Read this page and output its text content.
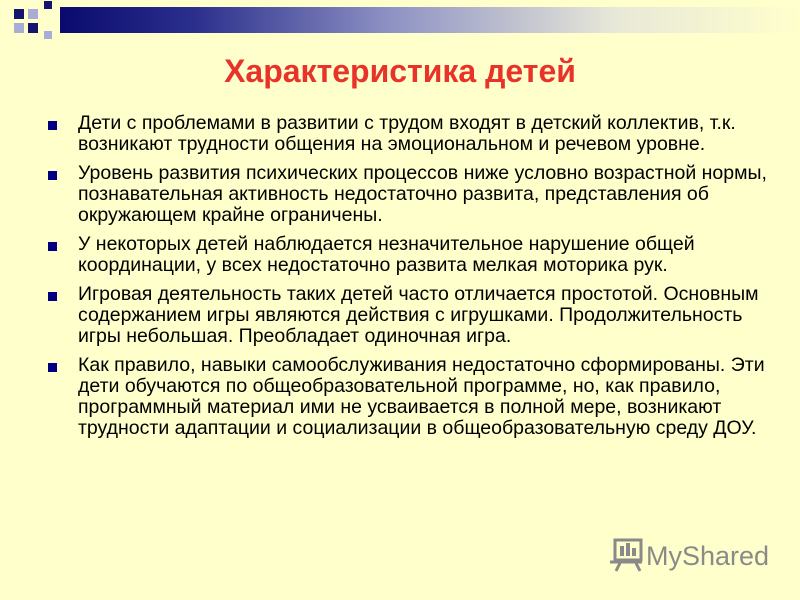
Характеристика детей
Дети с проблемами в развитии с трудом входят в детский коллектив, т.к. возникают трудности общения на эмоциональном и речевом уровне.
Уровень развития психических процессов ниже условно возрастной нормы, познавательная активность недостаточно развита, представления об окружающем крайне ограничены.
У некоторых детей наблюдается незначительное нарушение общей координации, у всех недостаточно развита мелкая моторика рук.
Игровая деятельность таких детей часто отличается простотой. Основным содержанием игры являются действия с игрушками. Продолжительность игры небольшая. Преобладает одиночная игра.
Как правило, навыки самообслуживания недостаточно сформированы. Эти дети обучаются по общеобразовательной программе, но, как правило, программный материал ими не усваивается в полной мере, возникают трудности адаптации и социализации в общеобразовательную среду ДОУ.
MyShared
